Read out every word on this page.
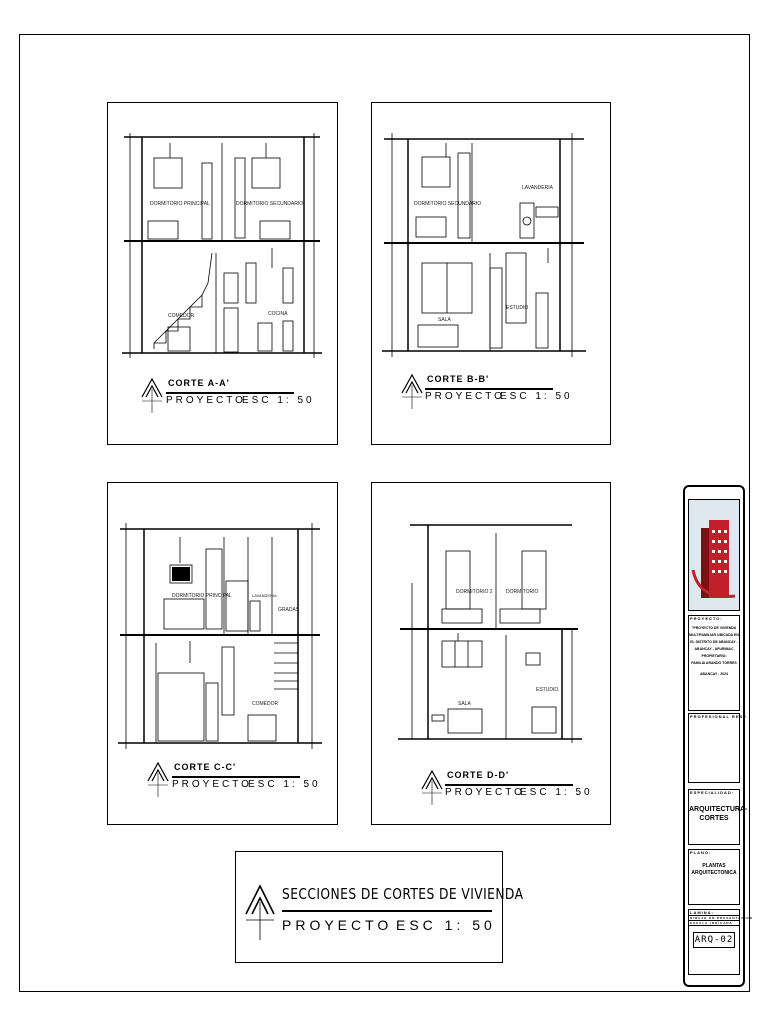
DORMITORIO PRINCIPAL	DORMITORIO SECUNDARIO
COMEDOR	COCINA
CORTE A-A'
PROYECTO
ESC 1: 50
DORMITORIO SECUNDARIO
LAVANDERIA
SALA
ESTUDIO
CORTE B-B'
PROYECTO
ESC 1: 50
DORMITORIO PRINCIPAL	LAVANDERIA
GRADAS
COMEDOR
CORTE C-C'
PROYECTO
ESC 1: 50
DORMITORIO 2	DORMITORIO
SALA
ESTUDIO
CORTE D-D'
PROYECTO
ESC 1: 50
SECCIONES DE CORTES DE VIVIENDA
PROYECTO ESC 1: 50
PROYECTO:
"PROYECTO DE VIVIENDA
MULTIFAMILIAR UBICADA EN
EL DISTRITO DE ABANCAY -
ABANCAY - APURIMAC
PROPIETARIO:
FAMILIA ARANDO TORRES
ABANCAY - 2024
PROFESIONAL RESP.
ESPECIALIDAD:
ARQUITECTURA-
CORTES
PLANO:
PLANTAS
ARQUITECTONICA
LAMINA:
DIBUJO EN PRESENTACION
ESCALA INDICADA
ARQ-02
